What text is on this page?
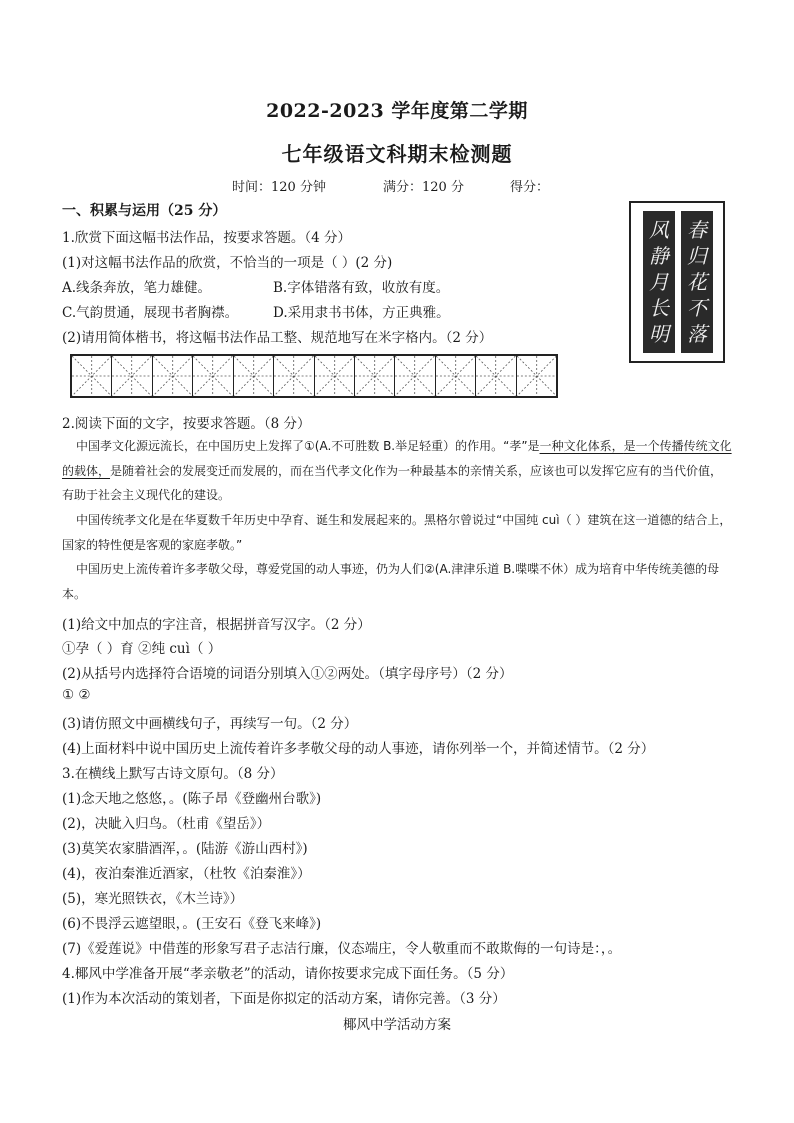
2022-2023 学年度第二学期
七年级语文科期末检测题
时间：120 分钟	满分：120 分	得分：
风
静
月
长
明
春
归
花
不
落
一、积累与运用（25 分）
1.欣赏下面这幅书法作品，按要求答题。（4 分）
(1)对这幅书法作品的欣赏，不恰当的一项是（ ）(2 分)
A.线条奔放，笔力雄健。	B.字体错落有致，收放有度。
C.气韵贯通，展现书者胸襟。	D.采用隶书书体，方正典雅。
(2)请用简体楷书，将这幅书法作品工整、规范地写在米字格内。（2 分）
2.阅读下面的文字，按要求答题。（8 分）
中国孝文化源远流长，在中国历史上发挥了①(A.不可胜数 B.举足轻重）的作用。“孝”是一种文化体系，是一个传播传统文化的载体，是随着社会的发展变迁而发展的，而在当代孝文化作为一种最基本的亲情关系，应该也可以发挥它应有的当代价值，有助于社会主义现代化的建设。
中国传统孝文化是在华夏数千年历史中孕育、诞生和发展起来的。黑格尔曾说过“中国纯 cuì（ ）建筑在这一道德的结合上，国家的特性便是客观的家庭孝敬。”
中国历史上流传着许多孝敬父母，尊爱党国的动人事迹，仍为人们②(A.津津乐道 B.喋喋不休）成为培育中华传统美德的母本。
(1)给文中加点的字注音，根据拼音写汉字。（2 分）
①孕（ ）育 ②纯 cuì（ ）
(2)从括号内选择符合语境的词语分别填入①②两处。（填字母序号）（2 分）
① ②
(3)请仿照文中画横线句子，再续写一句。（2 分）
(4)上面材料中说中国历史上流传着许多孝敬父母的动人事迹，请你列举一个，并简述情节。（2 分）
3.在横线上默写古诗文原句。（8 分）
(1)念天地之悠悠，。(陈子昂《登幽州台歌》)
(2)，决眦入归鸟。（杜甫《望岳》）
(3)莫笑农家腊酒浑，。(陆游《游山西村》)
(4)，夜泊秦淮近酒家，（杜牧《泊秦淮》）
(5)，寒光照铁衣，《木兰诗》）
(6)不畏浮云遮望眼，。(王安石《登飞来峰》)
(7)《爱莲说》中借莲的形象写君子志洁行廉，仪态端庄，令人敬重而不敢欺侮的一句诗是：，。
4.椰风中学准备开展“孝亲敬老”的活动，请你按要求完成下面任务。（5 分）
(1)作为本次活动的策划者，下面是你拟定的活动方案，请你完善。（3 分）
椰风中学活动方案
